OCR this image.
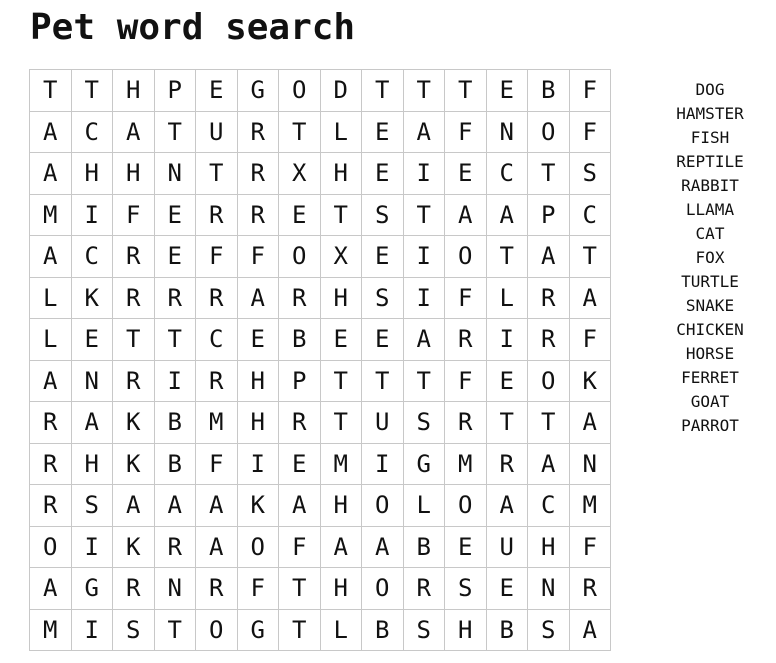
Pet word search
T	T	H	P	E	G	O	D	T	T	T	E	B	F
A	C	A	T	U	R	T	L	E	A	F	N	O	F
A	H	H	N	T	R	X	H	E	I	E	C	T	S
M	I	F	E	R	R	E	T	S	T	A	A	P	C
A	C	R	E	F	F	O	X	E	I	O	T	A	T
L	K	R	R	R	A	R	H	S	I	F	L	R	A
L	E	T	T	C	E	B	E	E	A	R	I	R	F
A	N	R	I	R	H	P	T	T	T	F	E	O	K
R	A	K	B	M	H	R	T	U	S	R	T	T	A
R	H	K	B	F	I	E	M	I	G	M	R	A	N
R	S	A	A	A	K	A	H	O	L	O	A	C	M
O	I	K	R	A	O	F	A	A	B	E	U	H	F
A	G	R	N	R	F	T	H	O	R	S	E	N	R
M	I	S	T	O	G	T	L	B	S	H	B	S	A
DOG
HAMSTER
FISH
REPTILE
RABBIT
LLAMA
CAT
FOX
TURTLE
SNAKE
CHICKEN
HORSE
FERRET
GOAT
PARROT
